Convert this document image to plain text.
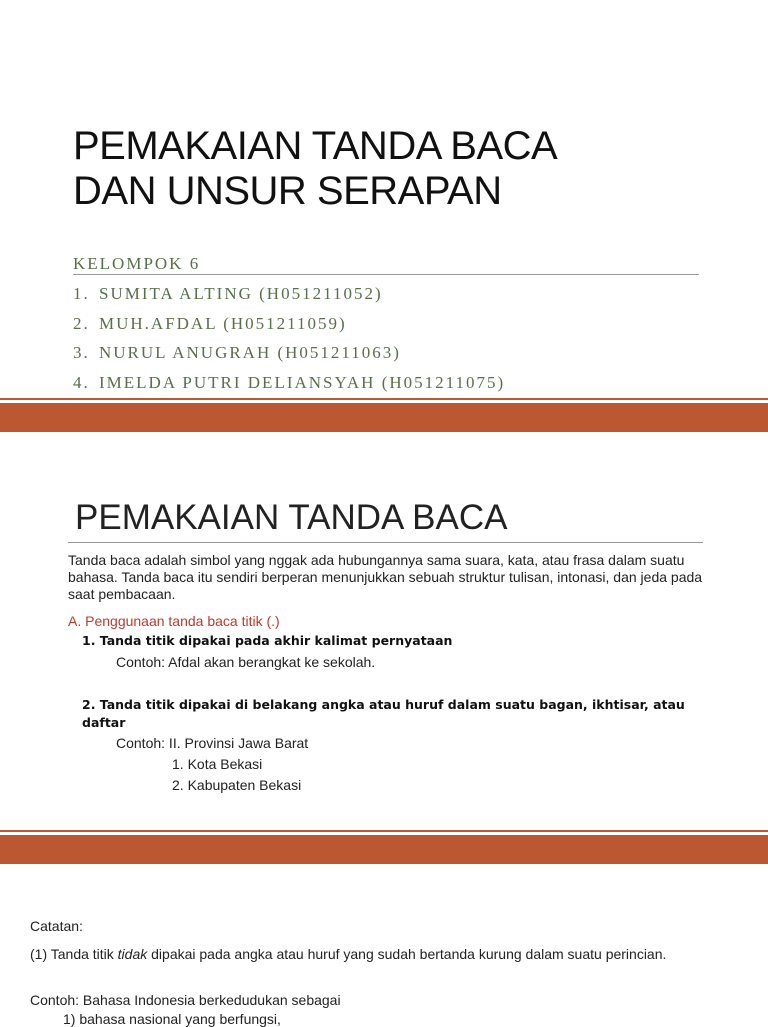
PEMAKAIAN TANDA BACA
DAN UNSUR SERAPAN
KELOMPOK 6
1. SUMITA ALTING (H051211052)
2. MUH.AFDAL (H051211059)
3. NURUL ANUGRAH (H051211063)
4. IMELDA PUTRI DELIANSYAH (H051211075)
PEMAKAIAN TANDA BACA
Tanda baca adalah simbol yang nggak ada hubungannya sama suara, kata, atau frasa dalam suatu bahasa. Tanda baca itu sendiri berperan menunjukkan sebuah struktur tulisan, intonasi, dan jeda pada saat pembacaan.
A. Penggunaan tanda baca titik (.)
1. Tanda titik dipakai pada akhir kalimat pernyataan
Contoh: Afdal akan berangkat ke sekolah.
2. Tanda titik dipakai di belakang angka atau huruf dalam suatu bagan, ikhtisar, atau daftar
Contoh: II. Provinsi Jawa Barat
1. Kota Bekasi
2. Kabupaten Bekasi
Catatan:
(1) Tanda titik tidak dipakai pada angka atau huruf yang sudah bertanda kurung dalam suatu perincian.
Contoh: Bahasa Indonesia berkedudukan sebagai
1) bahasa nasional yang berfungsi,
